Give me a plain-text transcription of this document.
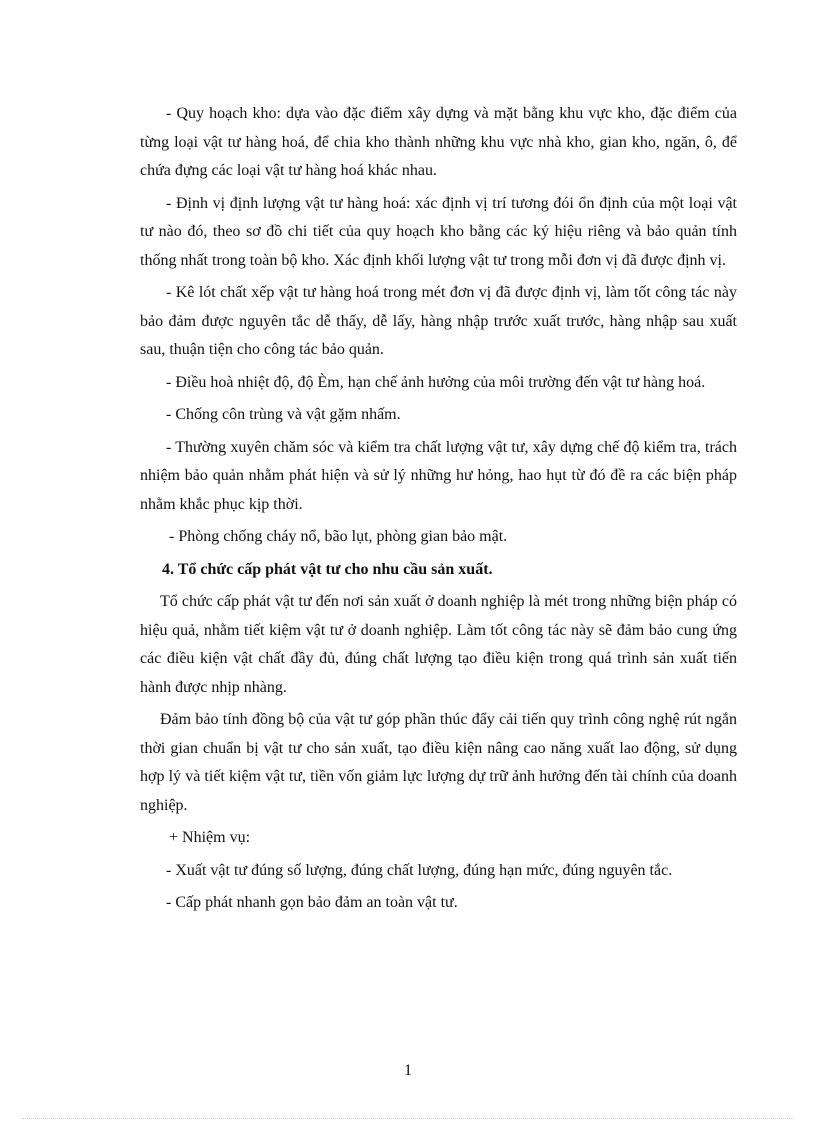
- Quy hoạch kho: dựa vào đặc điểm xây dựng và mặt bằng khu vực kho, đặc điểm của từng loại vật tư hàng hoá, để chia kho thành những khu vực nhà kho, gian kho, ngăn, ô, để chứa đựng các loại vật tư hàng hoá khác nhau.

- Định vị định lượng vật tư hàng hoá: xác định vị trí tương đói ổn định của một loại vật tư nào đó, theo sơ đồ chi tiết của quy hoạch kho bằng các ký hiệu riêng và bảo quản tính thống nhất trong toàn bộ kho. Xác định khối lượng vật tư trong mỗi đơn vị đã được định vị.

- Kê lót chất xếp vật tư hàng hoá trong mét đơn vị đã được định vị, làm tốt công tác này bảo đảm được nguyên tắc dễ thấy, dễ lấy, hàng nhập trước xuất trước, hàng nhập sau xuất sau, thuận tiện cho công tác bảo quản.

- Điều hoà nhiệt độ, độ Èm, hạn chế ảnh hưởng của môi trường đến vật tư hàng hoá.

- Chống côn trùng và vật gặm nhấm.

- Thường xuyên chăm sóc và kiểm tra chất lượng vật tư, xây dựng chế độ kiểm tra, trách nhiệm bảo quản nhằm phát hiện và sử lý những hư hỏng, hao hụt từ đó đề ra các biện pháp nhằm khắc phục kịp thời.

- Phòng chống cháy nổ, bão lụt, phòng gian bảo mật.

4. Tổ chức cấp phát vật tư cho nhu cầu sản xuất.

Tổ chức cấp phát vật tư đến nơi sản xuất ở doanh nghiệp là mét trong những biện pháp có hiệu quả, nhằm tiết kiệm vật tư ở doanh nghiệp. Làm tốt công tác này sẽ đảm bảo cung ứng các điều kiện vật chất đầy đủ, đúng chất lượng tạo điều kiện trong quá trình sản xuất tiến hành được nhịp nhàng.

Đảm bảo tính đồng bộ của vật tư góp phần thúc đẩy cải tiến quy trình công nghệ rút ngắn thời gian chuẩn bị vật tư cho sản xuất, tạo điều kiện nâng cao năng xuất lao động, sử dụng hợp lý và tiết kiệm vật tư, tiền vốn giảm lực lượng dự trữ ảnh hưởng đến tài chính của doanh nghiệp.

+ Nhiệm vụ:

- Xuất vật tư đúng số lượng, đúng chất lượng, đúng hạn mức, đúng nguyên tắc.

- Cấp phát nhanh gọn bảo đảm an toàn vật tư.

1
